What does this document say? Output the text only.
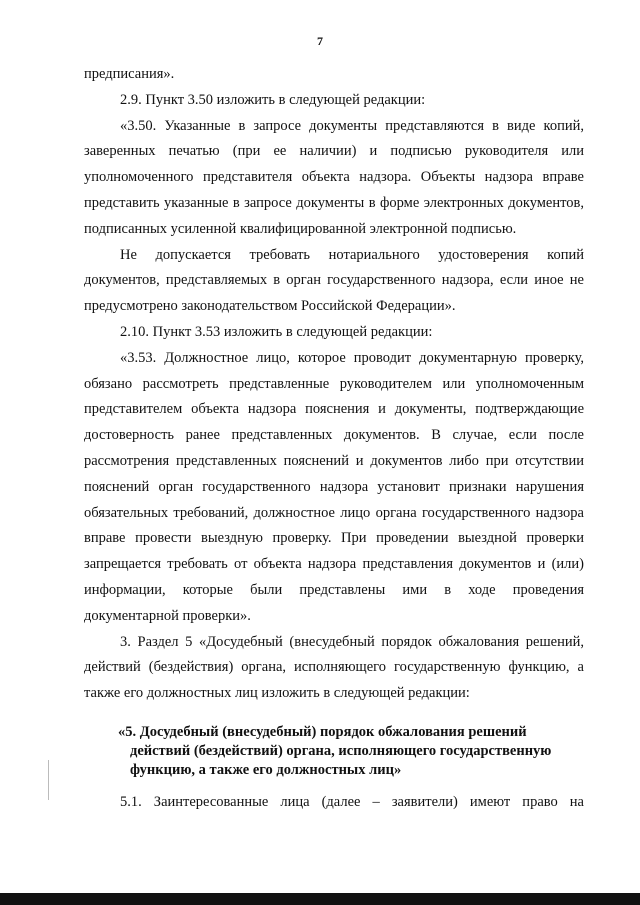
7

предписания».

2.9. Пункт 3.50 изложить в следующей редакции:

«3.50. Указанные в запросе документы представляются в виде копий, заверенных печатью (при ее наличии) и подписью руководителя или уполномоченного представителя объекта надзора. Объекты надзора вправе представить указанные в запросе документы в форме электронных документов, подписанных усиленной квалифицированной электронной подписью.

Не допускается требовать нотариального удостоверения копий документов, представляемых в орган государственного надзора, если иное не предусмотрено законодательством Российской Федерации».

2.10. Пункт 3.53 изложить в следующей редакции:

«3.53. Должностное лицо, которое проводит документарную проверку, обязано рассмотреть представленные руководителем или уполномоченным представителем объекта надзора пояснения и документы, подтверждающие достоверность ранее представленных документов. В случае, если после рассмотрения представленных пояснений и документов либо при отсутствии пояснений орган государственного надзора установит признаки нарушения обязательных требований, должностное лицо органа государственного надзора вправе провести выездную проверку. При проведении выездной проверки запрещается требовать от объекта надзора представления документов и (или) информации, которые были представлены ими в ходе проведения документарной проверки».

3. Раздел 5 «Досудебный (внесудебный порядок обжалования решений, действий (бездействия) органа, исполняющего государственную функцию, а также его должностных лиц изложить в следующей редакции:

«5. Досудебный (внесудебный) порядок обжалования решений
действий (бездействий) органа, исполняющего государственную
функцию, а также его должностных лиц»

5.1. Заинтересованные лица (далее – заявители) имеют право на
